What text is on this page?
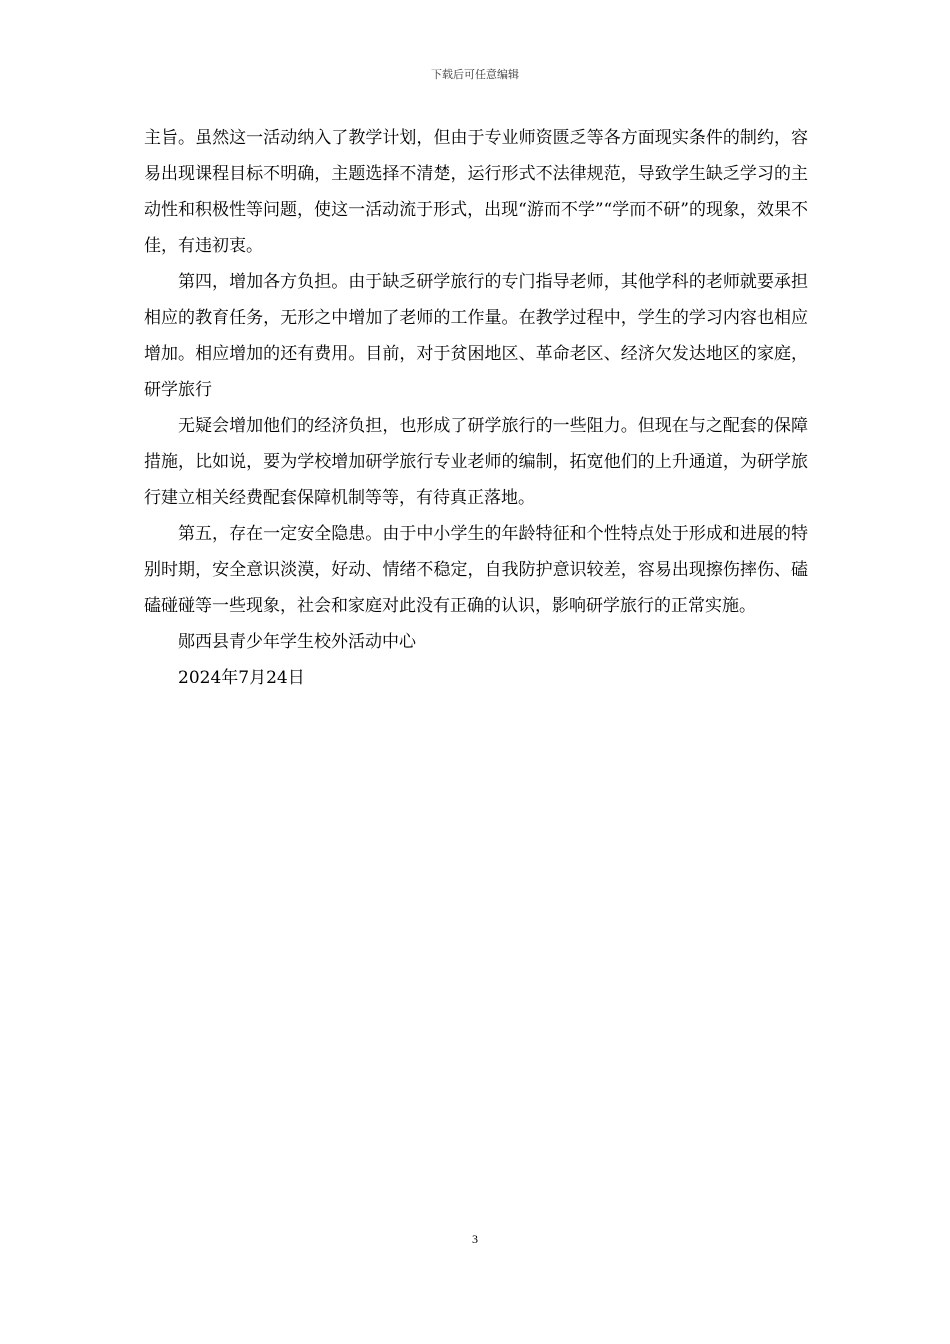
下载后可任意编辑

主旨。虽然这一活动纳入了教学计划，但由于专业师资匮乏等各方面现实条件的制约，容易出现课程目标不明确，主题选择不清楚，运行形式不法律规范，导致学生缺乏学习的主动性和积极性等问题，使这一活动流于形式，出现“游而不学”“学而不研”的现象，效果不佳，有违初衷。

第四，增加各方负担。由于缺乏研学旅行的专门指导老师，其他学科的老师就要承担相应的教育任务，无形之中增加了老师的工作量。在教学过程中，学生的学习内容也相应增加。相应增加的还有费用。目前，对于贫困地区、革命老区、经济欠发达地区的家庭，研学旅行

无疑会增加他们的经济负担，也形成了研学旅行的一些阻力。但现在与之配套的保障措施，比如说，要为学校增加研学旅行专业老师的编制，拓宽他们的上升通道，为研学旅行建立相关经费配套保障机制等等，有待真正落地。

第五，存在一定安全隐患。由于中小学生的年龄特征和个性特点处于形成和进展的特别时期，安全意识淡漠，好动、情绪不稳定，自我防护意识较差，容易出现擦伤摔伤、磕磕碰碰等一些现象，社会和家庭对此没有正确的认识，影响研学旅行的正常实施。

郧西县青少年学生校外活动中心

2024年7月24日

3
